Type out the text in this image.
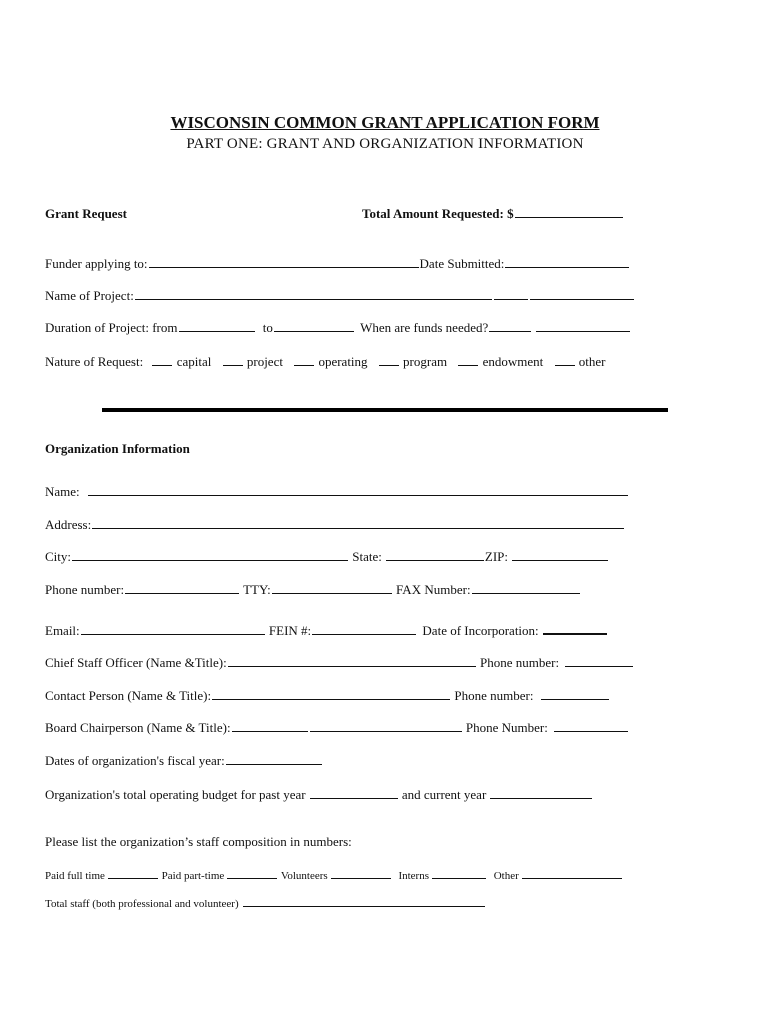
WISCONSIN COMMON GRANT APPLICATION FORM
PART ONE: GRANT AND ORGANIZATION INFORMATION
Grant Request	Total Amount Requested: $
Funder applying to:	Date Submitted:
Name of Project:
Duration of Project: from	to	When are funds needed?
Nature of Request:	capital	project	operating	program	endowment	other
Organization Information
Name:
Address:
City:	State:	ZIP:
Phone number:	TTY:	FAX Number:
Email:	FEIN #:	Date of Incorporation:
Chief Staff Officer (Name &Title):	Phone number:
Contact Person (Name & Title):	Phone number:
Board Chairperson (Name & Title):	Phone Number:
Dates of organization's fiscal year:
Organization's total operating budget for past year	and current year
Please list the organization’s staff composition in numbers:
Paid full time	Paid part-time	Volunteers	Interns	Other
Total staff (both professional and volunteer)
